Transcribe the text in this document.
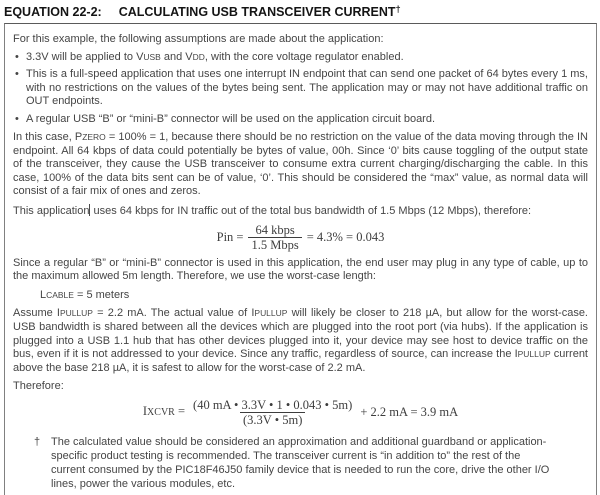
EQUATION 22-2: CALCULATING USB TRANSCEIVER CURRENT†

For this example, the following assumptions are made about the application:

• 3.3V will be applied to VUSB and VDD, with the core voltage regulator enabled.
• This is a full-speed application that uses one interrupt IN endpoint that can send one packet of 64 bytes every 1 ms, with no restrictions on the values of the bytes being sent. The application may or may not have additional traffic on OUT endpoints.
• A regular USB “B” or “mini-B” connector will be used on the application circuit board.

In this case, PZERO = 100% = 1, because there should be no restriction on the value of the data moving through the IN endpoint. All 64 kbps of data could potentially be bytes of value, 00h. Since ‘0’ bits cause toggling of the output state of the transceiver, they cause the USB transceiver to consume extra current charging/discharging the cable. In this case, 100% of the data bits sent can be of value, ‘0’. This should be considered the “max” value, as normal data will consist of a fair mix of ones and zeros.

This application uses 64 kbps for IN traffic out of the total bus bandwidth of 1.5 Mbps (12 Mbps), therefore:

Pin = $\frac{\text{64 kbps}}{\text{1.5 Mbps}} = 4.3\% = 0.043$

Since a regular “B” or “mini-B” connector is used in this application, the end user may plug in any type of cable, up to the maximum allowed 5m length. Therefore, we use the worst-case length:

LCABLE = 5 meters

Assume IPULLUP = 2.2 mA. The actual value of IPULLUP will likely be closer to 218 µA, but allow for the worst-case. USB bandwidth is shared between all the devices which are plugged into the root port (via hubs). If the application is plugged into a USB 1.1 hub that has other devices plugged into it, your device may see host to device traffic on the bus, even if it is not addressed to your device. Since any traffic, regardless of source, can increase the IPULLUP current above the base 218 µA, it is safest to allow for the worst-case of 2.2 mA.

Therefore:

IXCVR = $\frac{(40 mA • 3.3V • 1 • 0.043 • 5m)}{(3.3V • 5m)} + 2.2$ mA = 3.9 mA
† The calculated value should be considered an approximation and additional guardband or application-specific product testing is recommended. The transceiver current is “in addition to” the rest of the current consumed by the PIC18F46J50 family device that is needed to run the core, drive the other I/O lines, power the various modules, etc.
